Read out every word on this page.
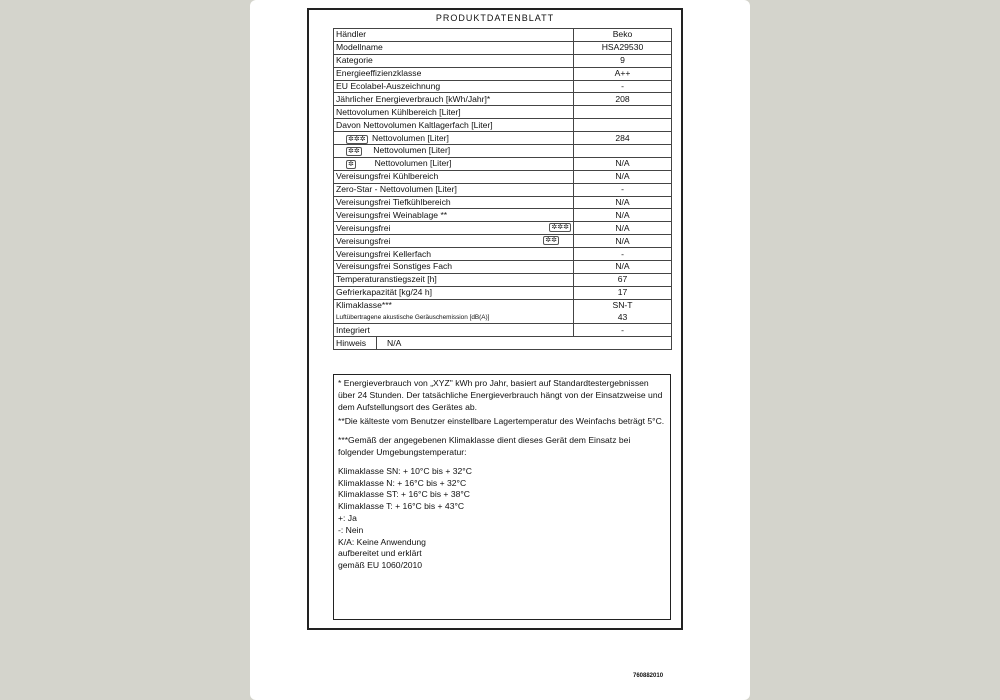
PRODUKTDATENBLATT
Händler	Beko
Modellname	HSA29530
Kategorie	9
Energieeffizienzklasse	A++
EU Ecolabel-Auszeichnung	-
Jährlicher Energieverbrauch [kWh/Jahr]*	208
Nettovolumen Kühlbereich [Liter]	
Davon Nettovolumen Kaltlagerfach [Liter]	
✲✲✲ Nettovolumen [Liter]	284
✲✲ Nettovolumen [Liter]	
✲ Nettovolumen [Liter]	N/A
Vereisungsfrei Kühlbereich	N/A
Zero-Star - Nettovolumen [Liter]	-
Vereisungsfrei Tiefkühlbereich	N/A
Vereisungsfrei Weinablage **	N/A
Vereisungsfrei ✲✲✲	N/A
Vereisungsfrei ✲✲	N/A
Vereisungsfrei Kellerfach	-
Vereisungsfrei Sonstiges Fach	N/A
Temperaturanstiegszeit [h]	67
Gefrierkapazität [kg/24 h]	17
Klimaklasse***	SN-T
Luftübertragene akustische Geräuschemission [dB(A)]	43
Integriert	-

Hinweis N/A	

* Energieverbrauch von „XYZ" kWh pro Jahr, basiert auf Standardtestergebnissen über 24 Stunden. Der tatsächliche Energieverbrauch hängt von der Einsatzweise und dem Aufstellungsort des Gerätes ab.

**Die kälteste vom Benutzer einstellbare Lagertemperatur des Weinfachs beträgt 5°C.

***Gemäß der angegebenen Klimaklasse dient dieses Gerät dem Einsatz bei folgender Umgebungstemperatur:

Klimaklasse SN: + 10°C bis + 32°C

Klimaklasse N: + 16°C bis + 32°C

Klimaklasse ST: + 16°C bis + 38°C

Klimaklasse T: + 16°C bis + 43°C

+: Ja

-: Nein

K/A: Keine Anwendung

aufbereitet und erklärt

gemäß EU 1060/2010

760882010
